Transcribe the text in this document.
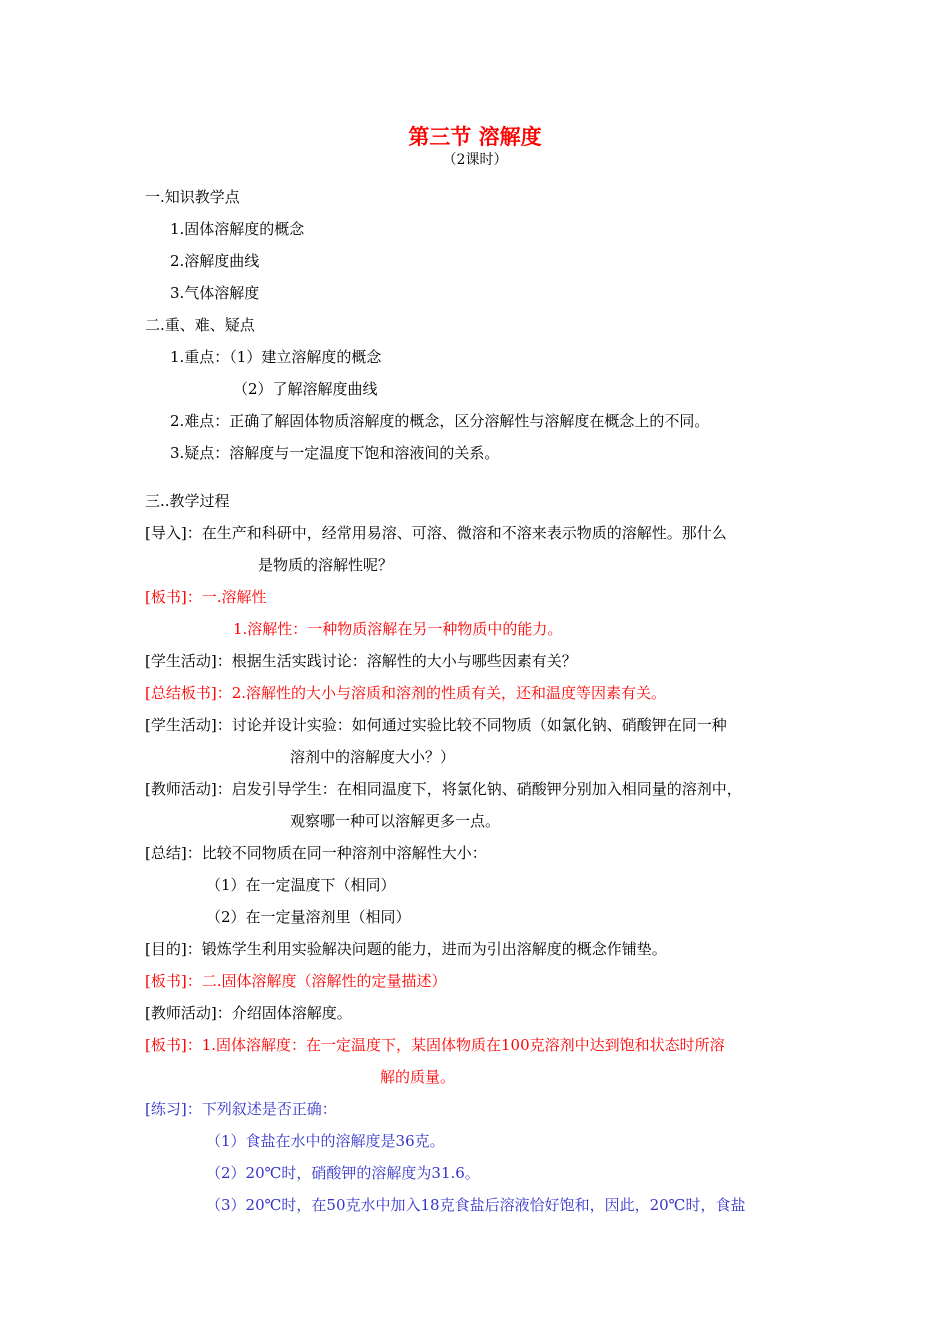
第三节 溶解度
（2课时）
一.知识教学点
1.固体溶解度的概念
2.溶解度曲线
3.气体溶解度
二.重、难、疑点
1.重点：（1）建立溶解度的概念
（2）了解溶解度曲线
2.难点：正确了解固体物质溶解度的概念，区分溶解性与溶解度在概念上的不同。
3.疑点：溶解度与一定温度下饱和溶液间的关系。
三..教学过程
[导入]：在生产和科研中，经常用易溶、可溶、微溶和不溶来表示物质的溶解性。那什么
是物质的溶解性呢？
[板书]：一.溶解性
1.溶解性：一种物质溶解在另一种物质中的能力。
[学生活动]：根据生活实践讨论：溶解性的大小与哪些因素有关？
[总结板书]：2.溶解性的大小与溶质和溶剂的性质有关，还和温度等因素有关。
[学生活动]：讨论并设计实验：如何通过实验比较不同物质（如氯化钠、硝酸钾在同一种
溶剂中的溶解度大小？）
[教师活动]：启发引导学生：在相同温度下，将氯化钠、硝酸钾分别加入相同量的溶剂中，
观察哪一种可以溶解更多一点。
[总结]：比较不同物质在同一种溶剂中溶解性大小：
（1）在一定温度下（相同）
（2）在一定量溶剂里（相同）
[目的]：锻炼学生利用实验解决问题的能力，进而为引出溶解度的概念作铺垫。
[板书]：二.固体溶解度（溶解性的定量描述）
[教师活动]：介绍固体溶解度。
[板书]：1.固体溶解度：在一定温度下，某固体物质在100克溶剂中达到饱和状态时所溶
解的质量。
[练习]：下列叙述是否正确：
（1）食盐在水中的溶解度是36克。
（2）20℃时，硝酸钾的溶解度为31.6。
（3）20℃时，在50克水中加入18克食盐后溶液恰好饱和，因此，20℃时，食盐
